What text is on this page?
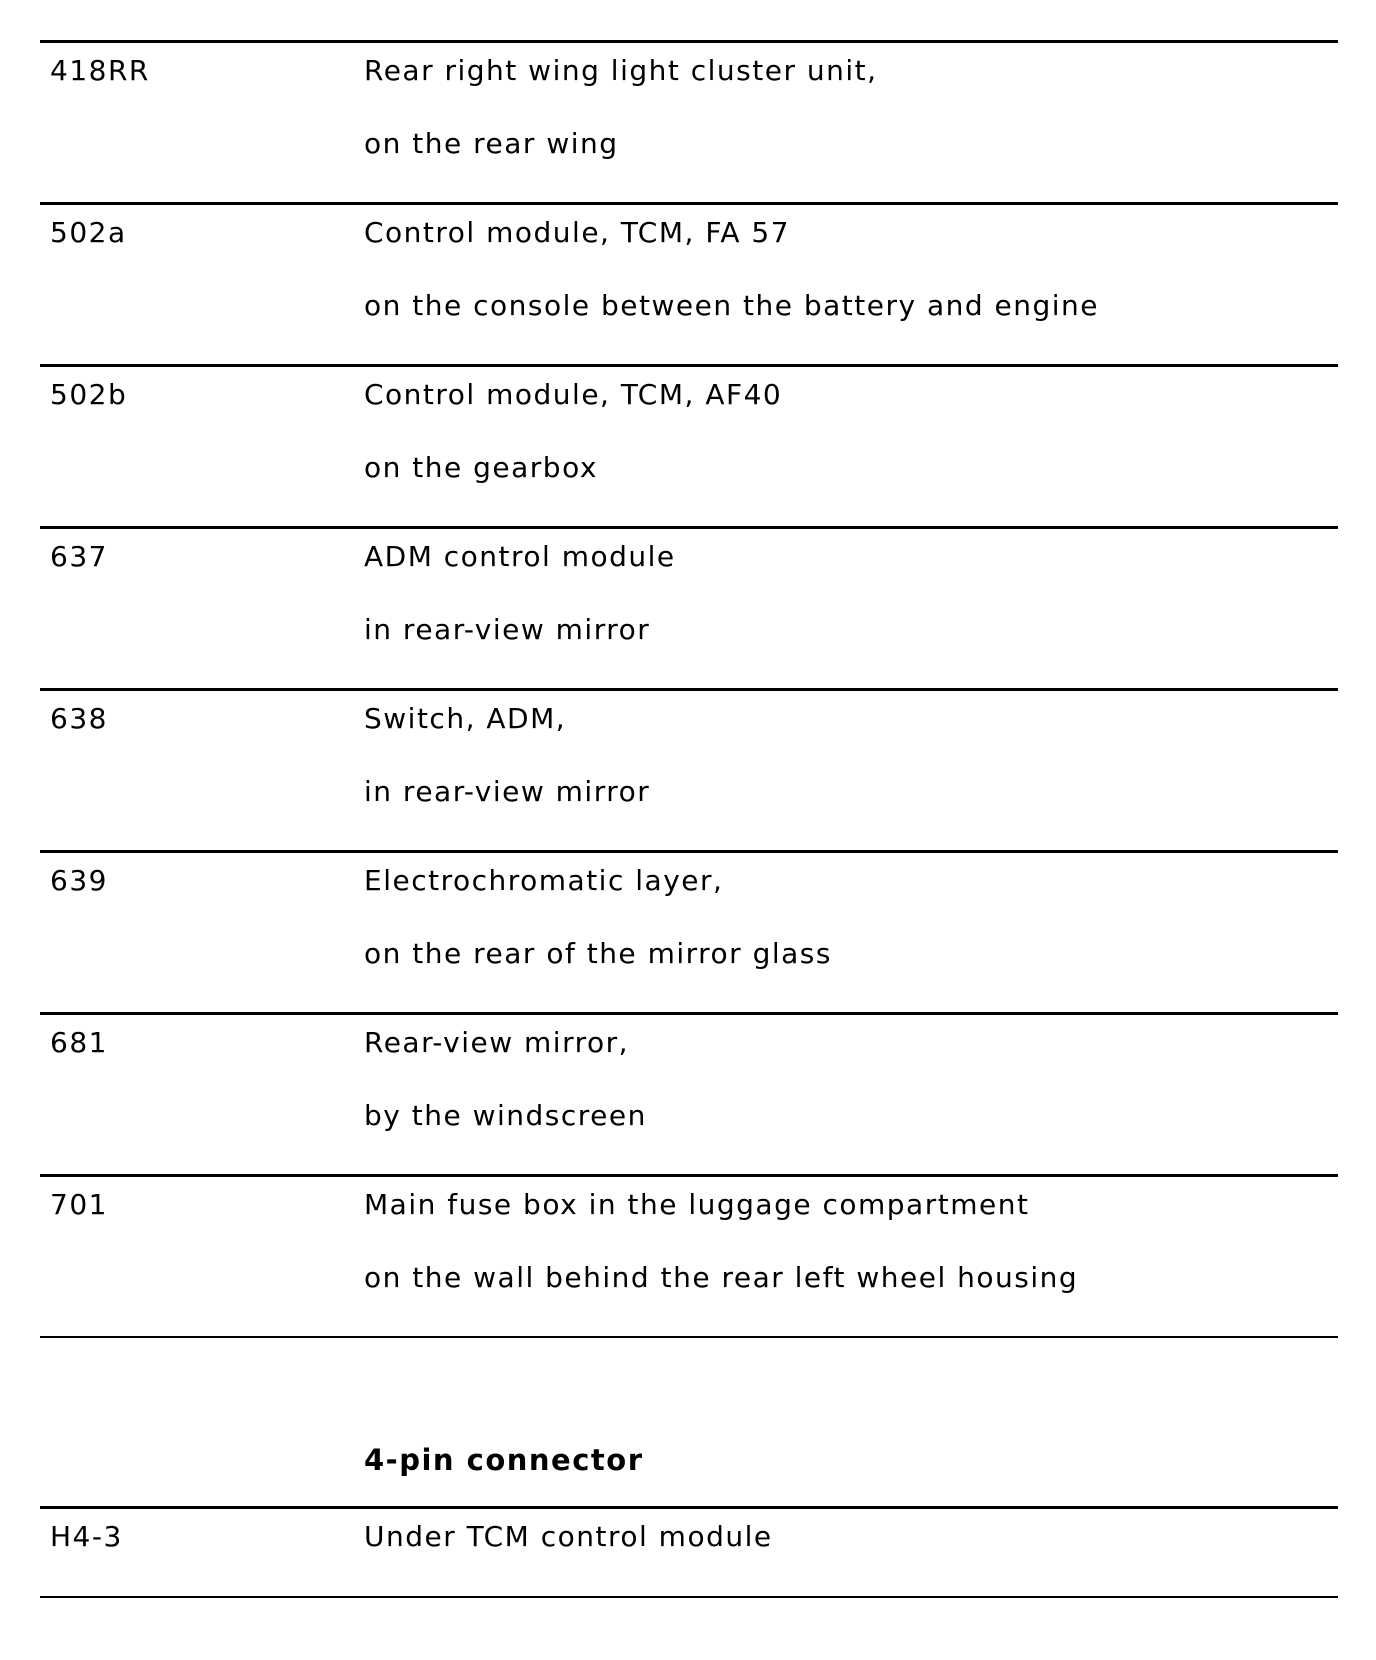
418RR	Rear right wing light cluster unit,
on the rear wing
502a	Control module, TCM, FA 57
on the console between the battery and engine
502b	Control module, TCM, AF40
on the gearbox
637	ADM control module
in rear-view mirror
638	Switch, ADM,
in rear-view mirror
639	Electrochromatic layer,
on the rear of the mirror glass
681	Rear-view mirror,
by the windscreen
701	Main fuse box in the luggage compartment
on the wall behind the rear left wheel housing
4-pin connector
H4-3	Under TCM control module
